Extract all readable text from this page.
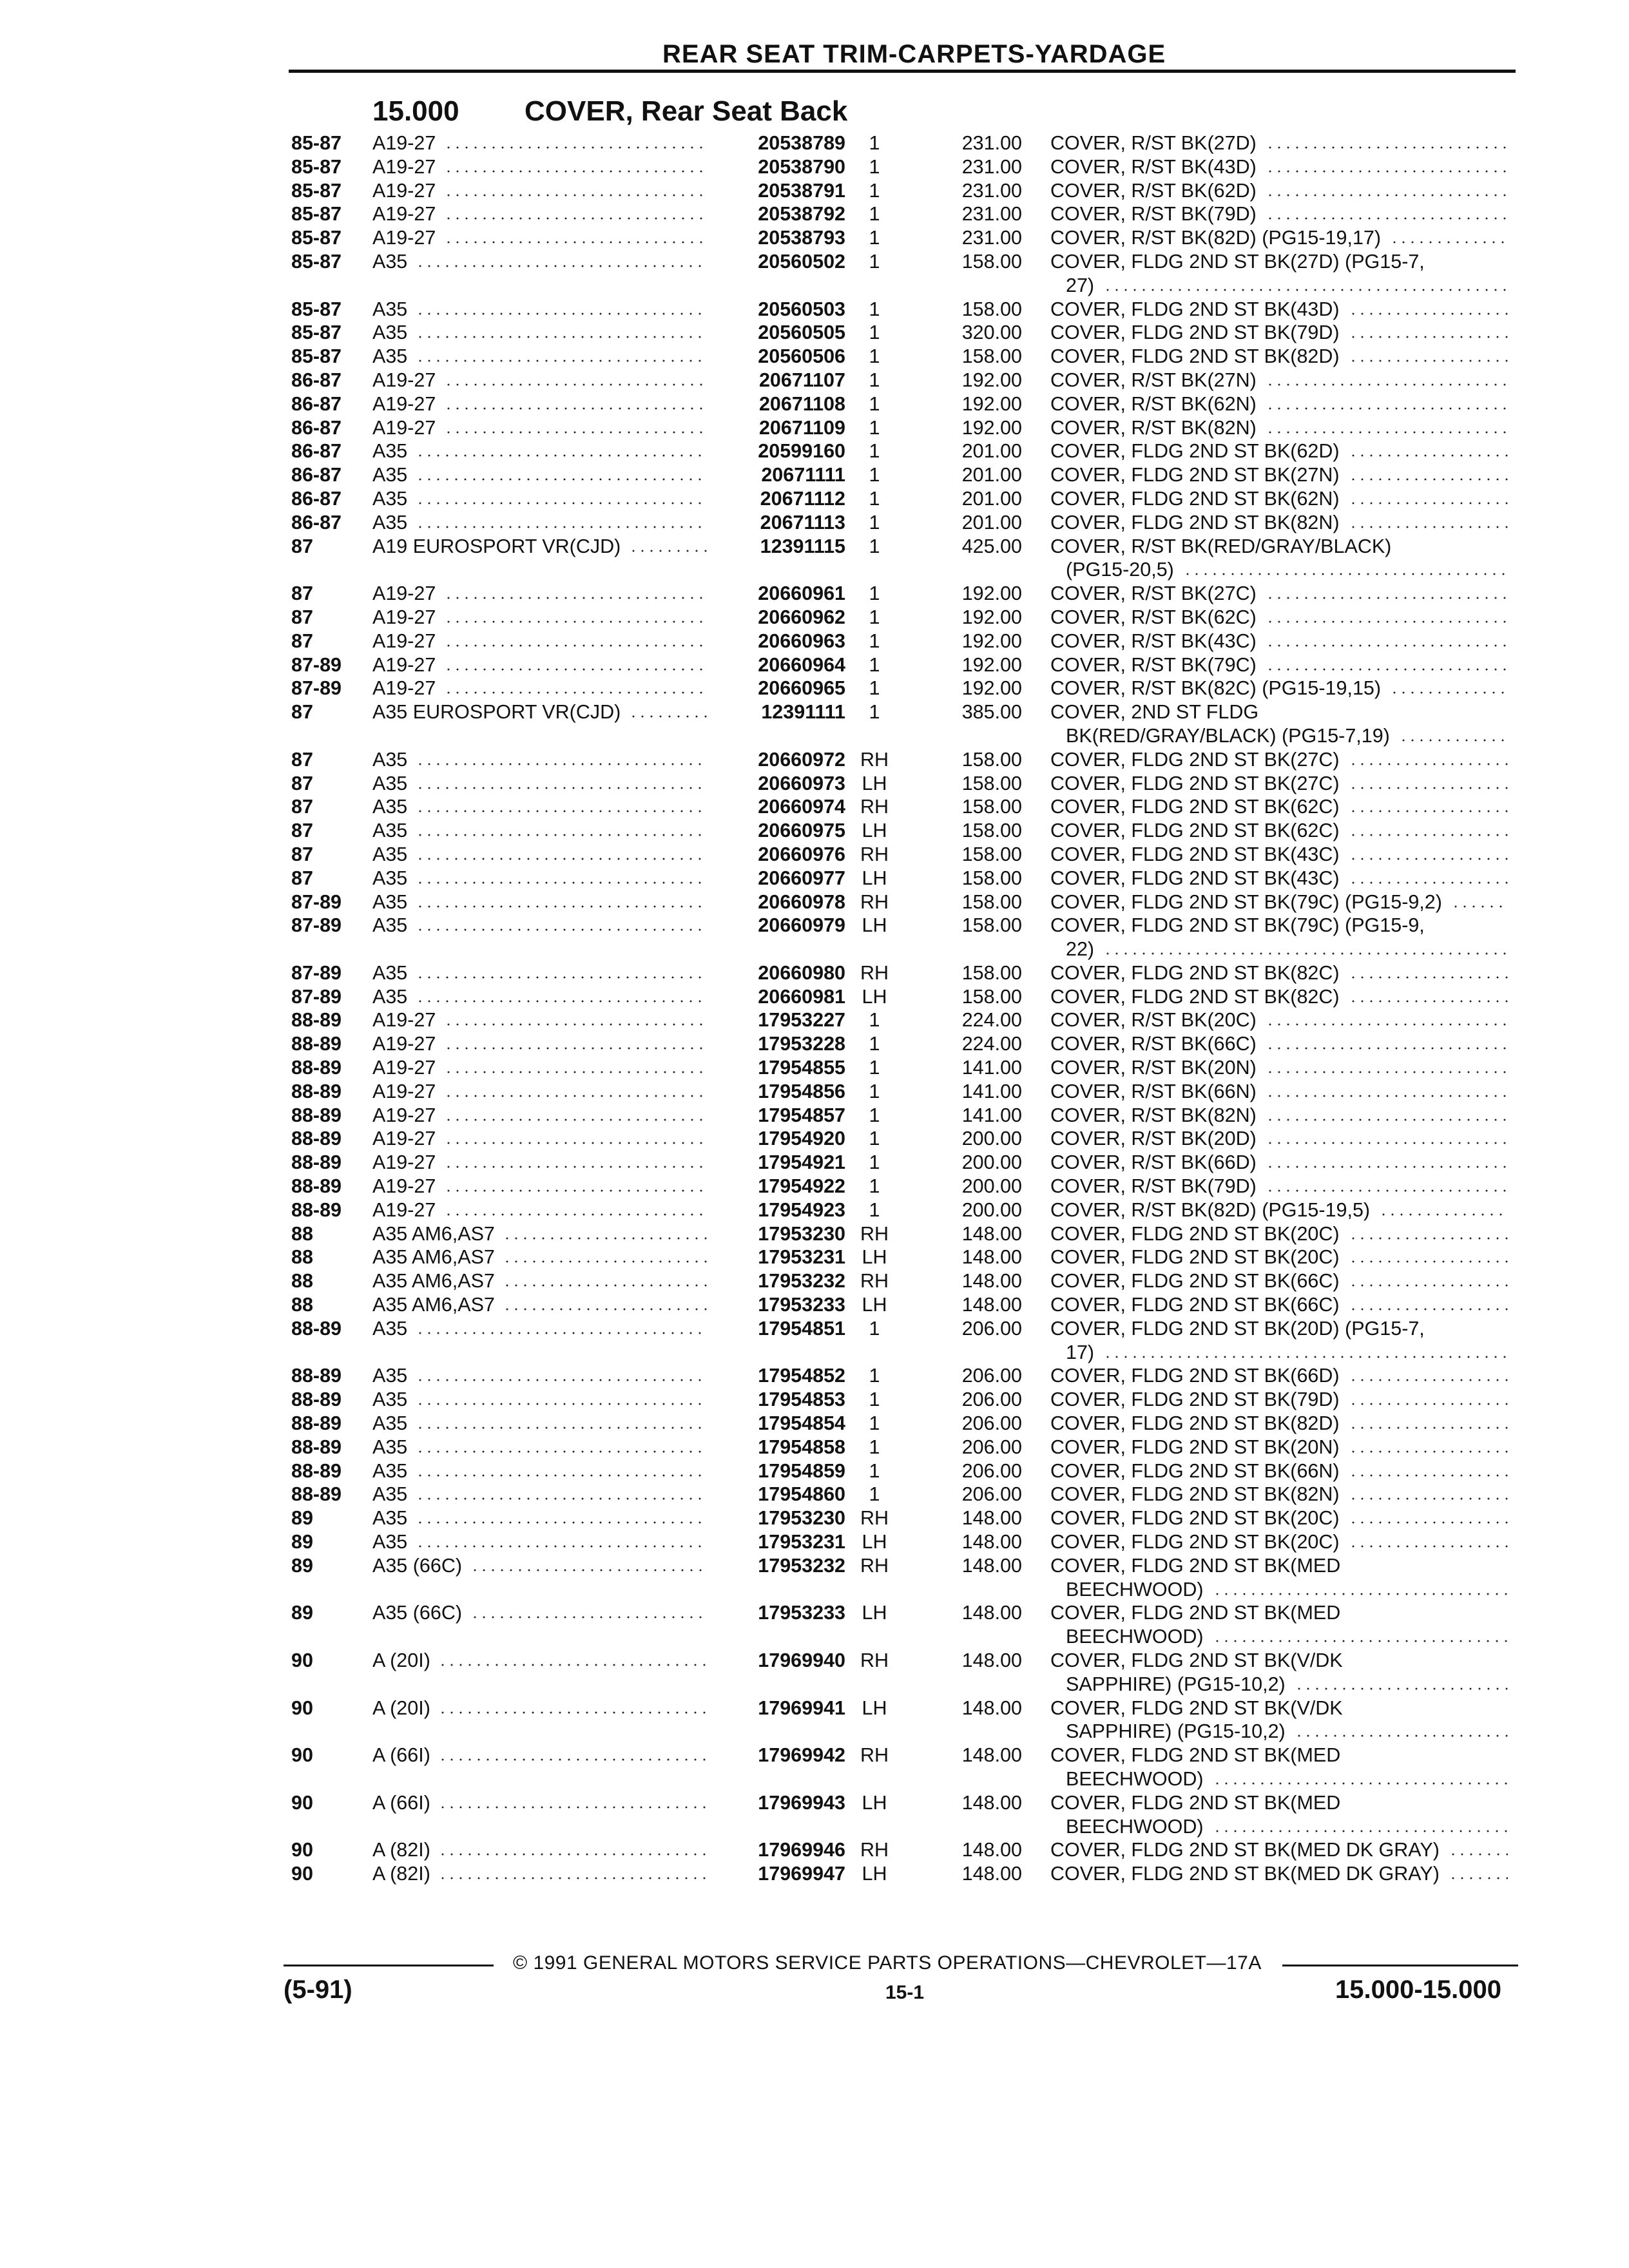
REAR SEAT TRIM-CARPETS-YARDAGE
15.000 COVER, Rear Seat Back
85-87 A19-27	20538789	1	231.00 COVER, R/ST BK(27D)
85-87 A19-27	20538790	1	231.00 COVER, R/ST BK(43D)
85-87 A19-27	20538791	1	231.00 COVER, R/ST BK(62D)
85-87 A19-27	20538792	1	231.00 COVER, R/ST BK(79D)
85-87 A19-27	20538793	1	231.00 COVER, R/ST BK(82D) (PG15-19,17)
85-87 A35	20560502	1	158.00 COVER, FLDG 2ND ST BK(27D) (PG15-7,
27)
85-87 A35	20560503	1	158.00 COVER, FLDG 2ND ST BK(43D)
85-87 A35	20560505	1	320.00 COVER, FLDG 2ND ST BK(79D)
85-87 A35	20560506	1	158.00 COVER, FLDG 2ND ST BK(82D)
86-87 A19-27	20671107	1	192.00 COVER, R/ST BK(27N)
86-87 A19-27	20671108	1	192.00 COVER, R/ST BK(62N)
86-87 A19-27	20671109	1	192.00 COVER, R/ST BK(82N)
86-87 A35	20599160	1	201.00 COVER, FLDG 2ND ST BK(62D)
86-87 A35	20671111	1	201.00 COVER, FLDG 2ND ST BK(27N)
86-87 A35	20671112	1	201.00 COVER, FLDG 2ND ST BK(62N)
86-87 A35	20671113	1	201.00 COVER, FLDG 2ND ST BK(82N)
87	A19 EUROSPORT VR(CJD)	12391115	1	425.00 COVER, R/ST BK(RED/GRAY/BLACK)
(PG15-20,5)
87	A19-27	20660961	1	192.00 COVER, R/ST BK(27C)
87	A19-27	20660962	1	192.00 COVER, R/ST BK(62C)
87	A19-27	20660963	1	192.00 COVER, R/ST BK(43C)
87-89 A19-27	20660964	1	192.00 COVER, R/ST BK(79C)
87-89 A19-27	20660965	1	192.00 COVER, R/ST BK(82C) (PG15-19,15)
87	A35 EUROSPORT VR(CJD)	12391111	1	385.00 COVER, 2ND ST FLDG
BK(RED/GRAY/BLACK) (PG15-7,19)
87	A35	20660972 RH	158.00 COVER, FLDG 2ND ST BK(27C)
87	A35	20660973 LH	158.00 COVER, FLDG 2ND ST BK(27C)
87	A35	20660974 RH	158.00 COVER, FLDG 2ND ST BK(62C)
87	A35	20660975 LH	158.00 COVER, FLDG 2ND ST BK(62C)
87	A35	20660976 RH	158.00 COVER, FLDG 2ND ST BK(43C)
87	A35	20660977 LH	158.00 COVER, FLDG 2ND ST BK(43C)
87-89 A35	20660978 RH	158.00 COVER, FLDG 2ND ST BK(79C) (PG15-9,2)
87-89 A35	20660979 LH	158.00 COVER, FLDG 2ND ST BK(79C) (PG15-9,
22)
87-89 A35	20660980 RH	158.00 COVER, FLDG 2ND ST BK(82C)
87-89 A35	20660981 LH	158.00 COVER, FLDG 2ND ST BK(82C)
88-89 A19-27	17953227	1	224.00 COVER, R/ST BK(20C)
88-89 A19-27	17953228	1	224.00 COVER, R/ST BK(66C)
88-89 A19-27	17954855	1	141.00 COVER, R/ST BK(20N)
88-89 A19-27	17954856	1	141.00 COVER, R/ST BK(66N)
88-89 A19-27	17954857	1	141.00 COVER, R/ST BK(82N)
88-89 A19-27	17954920	1	200.00 COVER, R/ST BK(20D)
88-89 A19-27	17954921	1	200.00 COVER, R/ST BK(66D)
88-89 A19-27	17954922	1	200.00 COVER, R/ST BK(79D)
88-89 A19-27	17954923	1	200.00 COVER, R/ST BK(82D) (PG15-19,5)
88	A35 AM6,AS7	17953230 RH	148.00 COVER, FLDG 2ND ST BK(20C)
88	A35 AM6,AS7	17953231 LH	148.00 COVER, FLDG 2ND ST BK(20C)
88	A35 AM6,AS7	17953232 RH	148.00 COVER, FLDG 2ND ST BK(66C)
88	A35 AM6,AS7	17953233 LH	148.00 COVER, FLDG 2ND ST BK(66C)
88-89 A35	17954851	1	206.00 COVER, FLDG 2ND ST BK(20D) (PG15-7,
17)
88-89 A35	17954852	1	206.00 COVER, FLDG 2ND ST BK(66D)
88-89 A35	17954853	1	206.00 COVER, FLDG 2ND ST BK(79D)
88-89 A35	17954854	1	206.00 COVER, FLDG 2ND ST BK(82D)
88-89 A35	17954858	1	206.00 COVER, FLDG 2ND ST BK(20N)
88-89 A35	17954859	1	206.00 COVER, FLDG 2ND ST BK(66N)
88-89 A35	17954860	1	206.00 COVER, FLDG 2ND ST BK(82N)
89	A35	17953230 RH	148.00 COVER, FLDG 2ND ST BK(20C)
89	A35	17953231 LH	148.00 COVER, FLDG 2ND ST BK(20C)
89	A35 (66C)	17953232 RH	148.00 COVER, FLDG 2ND ST BK(MED
BEECHWOOD)
89	A35 (66C)	17953233 LH	148.00 COVER, FLDG 2ND ST BK(MED
BEECHWOOD)
90	A (20I)	17969940 RH	148.00 COVER, FLDG 2ND ST BK(V/DK
SAPPHIRE) (PG15-10,2)
90	A (20I)	17969941 LH	148.00 COVER, FLDG 2ND ST BK(V/DK
SAPPHIRE) (PG15-10,2)
90	A (66I)	17969942 RH	148.00 COVER, FLDG 2ND ST BK(MED
BEECHWOOD)
90	A (66I)	17969943 LH	148.00 COVER, FLDG 2ND ST BK(MED
BEECHWOOD)
90	A (82I)	17969946 RH	148.00 COVER, FLDG 2ND ST BK(MED DK GRAY)
90	A (82I)	17969947 LH	148.00 COVER, FLDG 2ND ST BK(MED DK GRAY)
© 1991 GENERAL MOTORS SERVICE PARTS OPERATIONS—CHEVROLET—17A
(5-91)	15-1	15.000-15.000
